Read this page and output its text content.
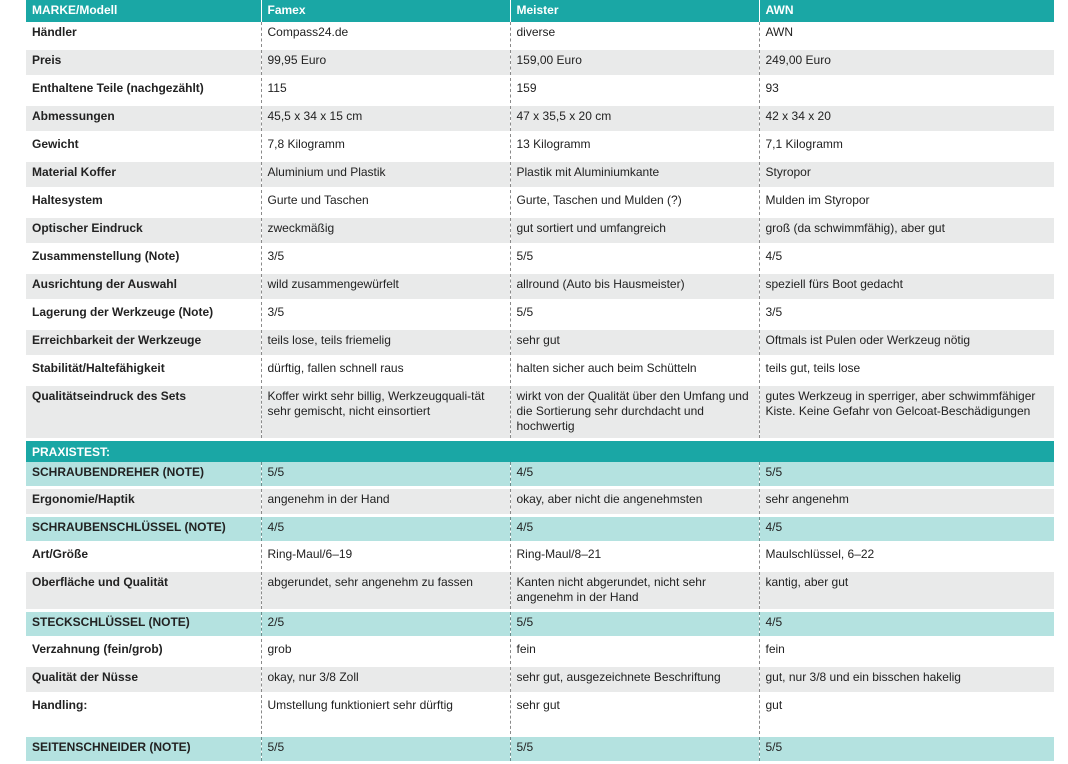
MARKE/Modell	Famex	Meister	AWN
Händler	Compass24.de	diverse	AWN
Preis	99,95 Euro	159,00 Euro	249,00 Euro
Enthaltene Teile (nachgezählt)	115	159	93
Abmessungen	45,5 x 34 x 15 cm	47 x 35,5 x 20 cm	42 x 34 x 20
Gewicht	7,8 Kilogramm	13 Kilogramm	7,1 Kilogramm
Material Koffer	Aluminium und Plastik	Plastik mit Aluminiumkante	Styropor
Haltesystem	Gurte und Taschen	Gurte, Taschen und Mulden (?)	Mulden im Styropor
Optischer Eindruck	zweckmäßig	gut sortiert und umfangreich	groß (da schwimmfähig), aber gut
Zusammenstellung (Note)	3/5	5/5	4/5
Ausrichtung der Auswahl	wild zusammengewürfelt	allround (Auto bis Hausmeister)	speziell fürs Boot gedacht
Lagerung der Werkzeuge (Note)	3/5	5/5	3/5
Erreichbarkeit der Werkzeuge	teils lose, teils friemelig	sehr gut	Oftmals ist Pulen oder Werkzeug nötig
Stabilität/Haltefähigkeit	dürftig, fallen schnell raus	halten sicher auch beim Schütteln	teils gut, teils lose
Qualitätseindruck des Sets	Koffer wirkt sehr billig, Werkzeugquali-tät sehr gemischt, nicht einsortiert	wirkt von der Qualität über den Umfang und die Sortierung sehr durchdacht und hochwertig	gutes Werkzeug in sperriger, aber schwimmfähiger Kiste. Keine Gefahr von Gelcoat-Beschädigungen
PRAXISTEST:			
SCHRAUBENDREHER (NOTE)	5/5	4/5	5/5
Ergonomie/Haptik	angenehm in der Hand	okay, aber nicht die angenehmsten	sehr angenehm
SCHRAUBENSCHLÜSSEL (NOTE)	4/5	4/5	4/5
Art/Größe	Ring-Maul/6–19	Ring-Maul/8–21	Maulschlüssel, 6–22
Oberfläche und Qualität	abgerundet, sehr angenehm zu fassen	Kanten nicht abgerundet, nicht sehr angenehm in der Hand	kantig, aber gut
STECKSCHLÜSSEL (NOTE)	2/5	5/5	4/5
Verzahnung (fein/grob)	grob	fein	fein
Qualität der Nüsse	okay, nur 3/8 Zoll	sehr gut, ausgezeichnete Beschriftung	gut, nur 3/8 und ein bisschen hakelig
Handling:	Umstellung funktioniert sehr dürftig	sehr gut	gut
SEITENSCHNEIDER (NOTE)	5/5	5/5	5/5
